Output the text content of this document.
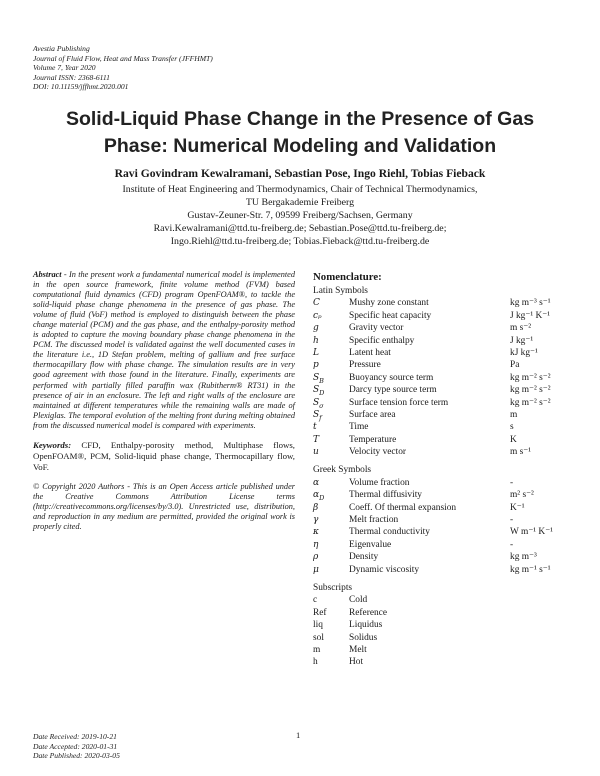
Avestia Publishing
Journal of Fluid Flow, Heat and Mass Transfer (JFFHMT)
Volume 7, Year 2020
Journal ISSN: 2368-6111
DOI: 10.11159/jffhmt.2020.001
Solid-Liquid Phase Change in the Presence of Gas
Phase: Numerical Modeling and Validation
Ravi Govindram Kewalramani, Sebastian Pose, Ingo Riehl, Tobias Fieback
Institute of Heat Engineering and Thermodynamics, Chair of Technical Thermodynamics,
TU Bergakademie Freiberg
Gustav-Zeuner-Str. 7, 09599 Freiberg/Sachsen, Germany
Ravi.Kewalramani@ttd.tu-freiberg.de; Sebastian.Pose@ttd.tu-freiberg.de;
Ingo.Riehl@ttd.tu-freiberg.de; Tobias.Fieback@ttd.tu-freiberg.de

Abstract - In the present work a fundamental numerical model is implemented in the open source framework, finite volume method (FVM) based computational fluid dynamics (CFD) program OpenFOAM®, to tackle the solid-liquid phase change phenomena in the presence of gas phase. The volume of fluid (VoF) method is employed to distinguish between the phase change material (PCM) and the gas phase, and the enthalpy-porosity method is adopted to capture the moving boundary phase change phenomena in the PCM. The discussed model is validated against the well documented cases in the literature i.e., 1D Stefan problem, melting of gallium and free surface thermocapillary flow with phase change. The simulation results are in very good agreement with those found in the literature. Finally, experiments are performed with partially filled paraffin wax (Rubitherm® RT31) in the presence of air in an enclosure. The left and right walls of the enclosure are maintained at different temperatures while the remaining walls are made of Plexiglas. The temporal evolution of the melting front during melting obtained from the discussed numerical model is compared with experiments.

Keywords: CFD, Enthalpy-porosity method, Multiphase flows, OpenFOAM®, PCM, Solid-liquid phase change, Thermocapillary flow, VoF.

© Copyright 2020 Authors - This is an Open Access article published under the Creative Commons Attribution License terms (http://creativecommons.org/licenses/by/3.0). Unrestricted use, distribution, and reproduction in any medium are permitted, provided the original work is properly cited.

Nomenclature:
Latin Symbols
C	Mushy zone constant	kg m⁻³ s⁻¹
cₚ	Specific heat capacity	J kg⁻¹ K⁻¹
g	Gravity vector	m s⁻²
h	Specific enthalpy	J kg⁻¹
L	Latent heat	kJ kg⁻¹
p	Pressure	Pa
$S_B$	Buoyancy source term	kg m⁻² s⁻²
$S_D$	Darcy type source term	kg m⁻² s⁻²
$S_\sigma$	Surface tension force term	kg m⁻² s⁻²
$S_f$	Surface area	m
t	Time	s
T	Temperature	K
u	Velocity vector	m s⁻¹
Greek Symbols
α	Volume fraction	-
$\alpha_D$	Thermal diffusivity	m² s⁻²
β	Coeff. Of thermal expansion	K⁻¹
γ	Melt fraction	-
κ	Thermal conductivity	W m⁻¹ K⁻¹
η	Eigenvalue	-
ρ	Density	kg m⁻³
μ	Dynamic viscosity	kg m⁻¹ s⁻¹
Subscripts
c	Cold
Ref Reference
liq	Liquidus
sol	Solidus
m	Melt
h	Hot
Date Received: 2019-10-21
Date Accepted: 2020-01-31
Date Published: 2020-03-05
1
